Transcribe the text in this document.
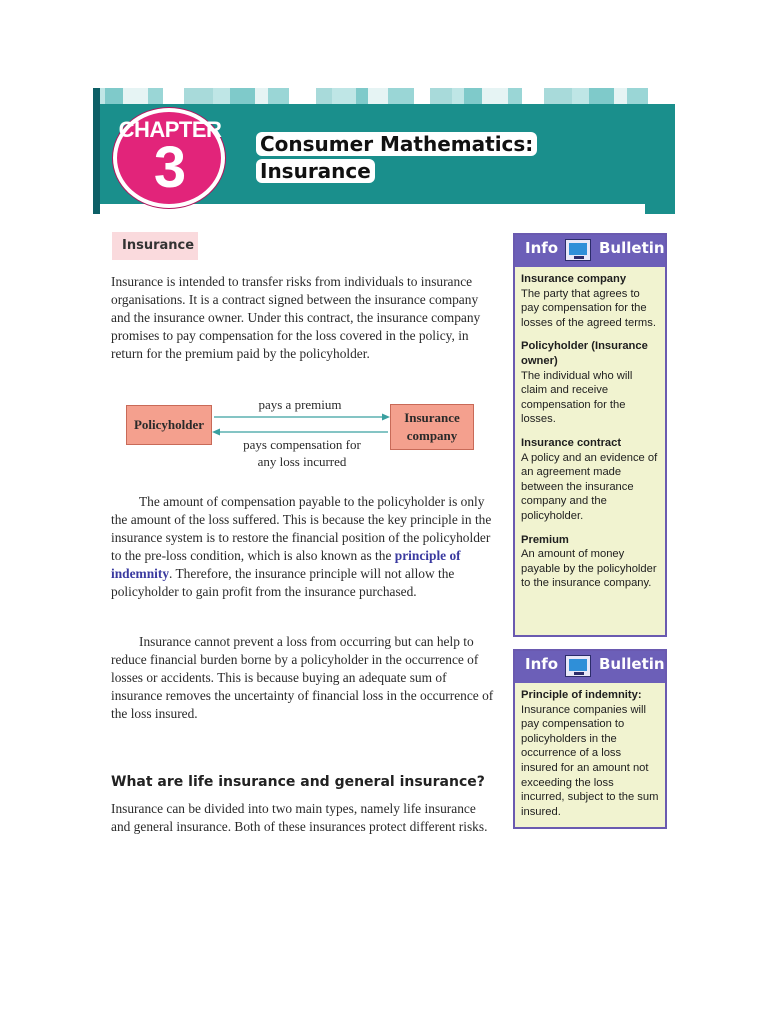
CHAPTER
3	Consumer Mathematics:
Insurance
Insurance
Insurance is intended to transfer risks from individuals to insurance organisations. It is a contract signed between the insurance company and the insurance owner. Under this contract, the insurance company promises to pay compensation for the loss covered in the policy, in return for the premium paid by the policyholder.
Policyholder	Insurance
company
pays a premium
pays compensation for
any loss incurred
The amount of compensation payable to the policyholder is only the amount of the loss suffered. This is because the key principle in the insurance system is to restore the financial position of the policyholder to the pre-loss condition, which is also known as the principle of indemnity. Therefore, the insurance principle will not allow the policyholder to gain profit from the insurance purchased.
Insurance cannot prevent a loss from occurring but can help to reduce financial burden borne by a policyholder in the occurrence of losses or accidents. This is because buying an adequate sum of insurance removes the uncertainty of financial loss in the occurrence of the loss insured.
What are life insurance and general insurance?
Insurance can be divided into two main types, namely life insurance and general insurance. Both of these insurances protect different risks.
Info	Bulletin
Insurance company
The party that agrees to pay compensation for the losses of the agreed terms.
Policyholder (Insurance owner)
The individual who will claim and receive compensation for the losses.
Insurance contract
A policy and an evidence of an agreement made between the insurance company and the policyholder.
Premium
An amount of money payable by the policyholder to the insurance company.
Info	Bulletin
Principle of indemnity:
Insurance companies will pay compensation to policyholders in the occurrence of a loss insured for an amount not exceeding the loss incurred, subject to the sum insured.
